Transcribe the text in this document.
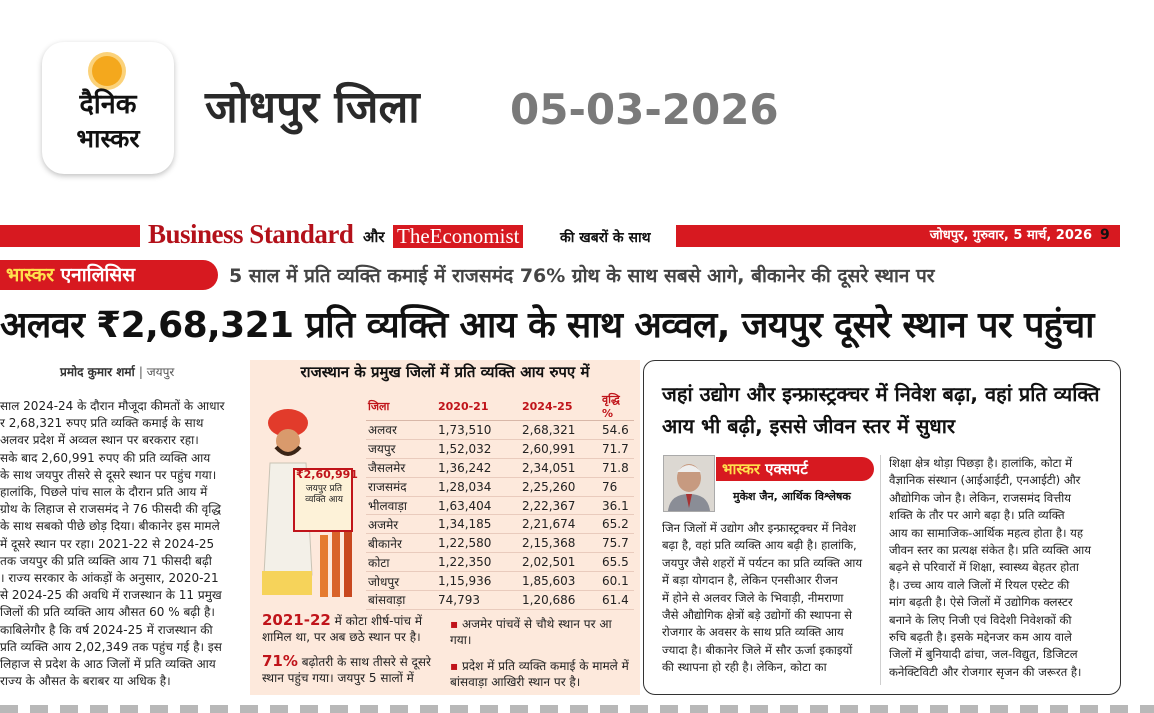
दैनिक
भास्कर
जोधपुर जिला 05-03-2026
Business Standard और TheEconomist	की खबरों के साथ	जोधपुर, गुरुवार, 5 मार्च, 2026 9
भास्कर एनालिसिस	5 साल में प्रति व्यक्ति कमाई में राजसमंद 76% ग्रोथ के साथ सबसे आगे, बीकानेर की दूसरे स्थान पर
अलवर ₹2,68,321 प्रति व्यक्ति आय के साथ अव्वल, जयपुर दूसरे स्थान पर पहुंचा
प्रमोद कुमार शर्मा | जयपुर
साल 2024-24 के दौरान मौजूदा कीमतों के आधार
र 2,68,321 रुपए प्रति व्यक्ति कमाई के साथ
अलवर प्रदेश में अव्वल स्थान पर बरकरार रहा।
सके बाद 2,60,991 रुपए की प्रति व्यक्ति आय
के साथ जयपुर तीसरे से दूसरे स्थान पर पहुंच गया।
हालांकि, पिछले पांच साल के दौरान प्रति आय में
ग्रोथ के लिहाज से राजसमंद ने 76 फीसदी की वृद्धि
के साथ सबको पीछे छोड़ दिया। बीकानेर इस मामले
में दूसरे स्थान पर रहा। 2021-22 से 2024-25
तक जयपुर की प्रति व्यक्ति आय 71 फीसदी बढ़ी
। राज्य सरकार के आंकड़ों के अनुसार, 2020-21
से 2024-25 की अवधि में राजस्थान के 11 प्रमुख
जिलों की प्रति व्यक्ति आय औसत 60 % बढ़ी है।
काबिलेगौर है कि वर्ष 2024-25 में राजस्थान की
प्रति व्यक्ति आय 2,02,349 तक पहुंच गई है। इस
लिहाज से प्रदेश के आठ जिलों में प्रति व्यक्ति आय
राज्य के औसत के बराबर या अधिक है।
राजस्थान के प्रमुख जिलों में प्रति व्यक्ति आय रुपए में
₹2,60,991
जयपुर प्रति व्यक्ति आय
जिला	2020-21	2024-25	वृद्धि %
अलवर	1,73,510	2,68,321	54.6
जयपुर	1,52,032	2,60,991	71.7
जैसलमेर	1,36,242	2,34,051	71.8
राजसमंद	1,28,034	2,25,260	76
भीलवाड़ा	1,63,404	2,22,367	36.1
अजमेर	1,34,185	2,21,674	65.2
बीकानेर	1,22,580	2,15,368	75.7
कोटा	1,22,350	2,02,501	65.5
जोधपुर	1,15,936	1,85,603	60.1
बांसवाड़ा	74,793	1,20,686	61.4
2021-22 में कोटा शीर्ष-पांच में शामिल था, पर अब छठे स्थान पर है।
71% बढ़ोतरी के साथ तीसरे से दूसरे स्थान पहुंच गया। जयपुर 5 सालों में
▪ अजमेर पांचवें से चौथे स्थान पर आ गया।
▪ प्रदेश में प्रति व्यक्ति कमाई के मामले में बांसवाड़ा आखिरी स्थान पर है।
जहां उद्योग और इन्फ्रास्ट्रक्चर में निवेश बढ़ा, वहां प्रति व्यक्ति आय भी बढ़ी, इससे जीवन स्तर में सुधार
भास्कर एक्सपर्ट
मुकेश जैन, आर्थिक विश्लेषक
जिन जिलों में उद्योग और इन्फ्रास्ट्रक्चर में निवेश
बढ़ा है, वहां प्रति व्यक्ति आय बढ़ी है। हालांकि,
जयपुर जैसे शहरों में पर्यटन का प्रति व्यक्ति आय
में बड़ा योगदान है, लेकिन एनसीआर रीजन
में होने से अलवर जिले के भिवाड़ी, नीमराणा
जैसे औद्योगिक क्षेत्रों बड़े उद्योगों की स्थापना से
रोजगार के अवसर के साथ प्रति व्यक्ति आय
ज्यादा है। बीकानेर जिले में सौर ऊर्जा इकाइयों
की स्थापना हो रही है। लेकिन, कोटा का
शिक्षा क्षेत्र थोड़ा पिछड़ा है। हालांकि, कोटा में
वैज्ञानिक संस्थान (आईआईटी, एनआईटी) और
औद्योगिक जोन है। लेकिन, राजसमंद वित्तीय
शक्ति के तौर पर आगे बढ़ा है। प्रति व्यक्ति
आय का सामाजिक-आर्थिक महत्व होता है। यह
जीवन स्तर का प्रत्यक्ष संकेत है। प्रति व्यक्ति आय
बढ़ने से परिवारों में शिक्षा, स्वास्थ्य बेहतर होता
है। उच्च आय वाले जिलों में रियल एस्टेट की
मांग बढ़ती है। ऐसे जिलों में उद्योगिक क्लस्टर
बनाने के लिए निजी एवं विदेशी निवेशकों की
रुचि बढ़ती है। इसके मद्देनजर कम आय वाले
जिलों में बुनियादी ढांचा, जल-विद्युत, डिजिटल
कनेक्टिविटी और रोजगार सृजन की जरूरत है।
